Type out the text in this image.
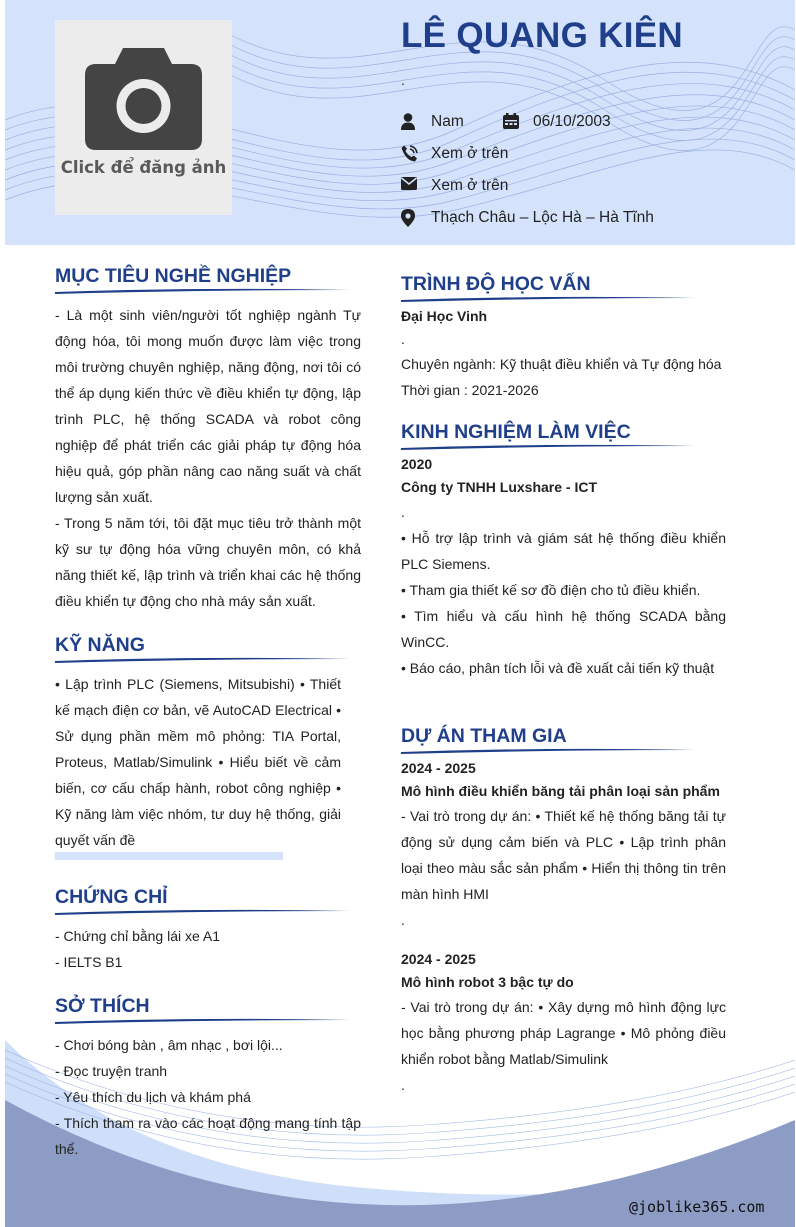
Click để đăng ảnh
LÊ QUANG KIÊN
.
Nam	06/10/2003
Xem ở trên
Xem ở trên
Thạch Châu – Lộc Hà – Hà Tĩnh
@joblike365.com
MỤC TIÊU NGHỀ NGHIỆP
- Là một sinh viên/người tốt nghiệp ngành Tự động hóa, tôi mong muốn được làm việc trong môi trường chuyên nghiệp, năng động, nơi tôi có thể áp dụng kiến thức về điều khiển tự động, lập trình PLC, hệ thống SCADA và robot công nghiệp để phát triển các giải pháp tự động hóa hiệu quả, góp phần nâng cao năng suất và chất lượng sản xuất.
- Trong 5 năm tới, tôi đặt mục tiêu trở thành một kỹ sư tự động hóa vững chuyên môn, có khả năng thiết kế, lập trình và triển khai các hệ thống điều khiển tự động cho nhà máy sản xuất.
KỸ NĂNG
• Lập trình PLC (Siemens, Mitsubishi) • Thiết kế mạch điện cơ bản, vẽ AutoCAD Electrical • Sử dụng phần mềm mô phỏng: TIA Portal, Proteus, Matlab/Simulink • Hiểu biết về cảm biến, cơ cấu chấp hành, robot công nghiệp • Kỹ năng làm việc nhóm, tư duy hệ thống, giải quyết vấn đề
CHỨNG CHỈ
- Chứng chỉ bằng lái xe A1
- IELTS B1
SỞ THÍCH
- Chơi bóng bàn , âm nhạc , bơi lội...
- Đọc truyện tranh
- Yêu thích du lịch và khám phá
- Thích tham ra vào các hoạt động mang tính tập thể.
TRÌNH ĐỘ HỌC VẤN
Đại Học Vinh
.
Chuyên ngành: Kỹ thuật điều khiển và Tự động hóa
Thời gian : 2021-2026
KINH NGHIỆM LÀM VIỆC
2020
Công ty TNHH Luxshare - ICT
.
• Hỗ trợ lập trình và giám sát hệ thống điều khiển PLC Siemens.
• Tham gia thiết kế sơ đồ điện cho tủ điều khiển.
• Tìm hiểu và cấu hình hệ thống SCADA bằng WinCC.
• Báo cáo, phân tích lỗi và đề xuất cải tiến kỹ thuật
DỰ ÁN THAM GIA
2024 - 2025
Mô hình điều khiển băng tải phân loại sản phẩm
- Vai trò trong dự án: • Thiết kế hệ thống băng tải tự động sử dụng cảm biến và PLC • Lập trình phân loại theo màu sắc sản phẩm • Hiển thị thông tin trên màn hình HMI
.
2024 - 2025
Mô hình robot 3 bậc tự do
- Vai trò trong dự án: • Xây dựng mô hình động lực học bằng phương pháp Lagrange • Mô phỏng điều khiển robot bằng Matlab/Simulink
.
